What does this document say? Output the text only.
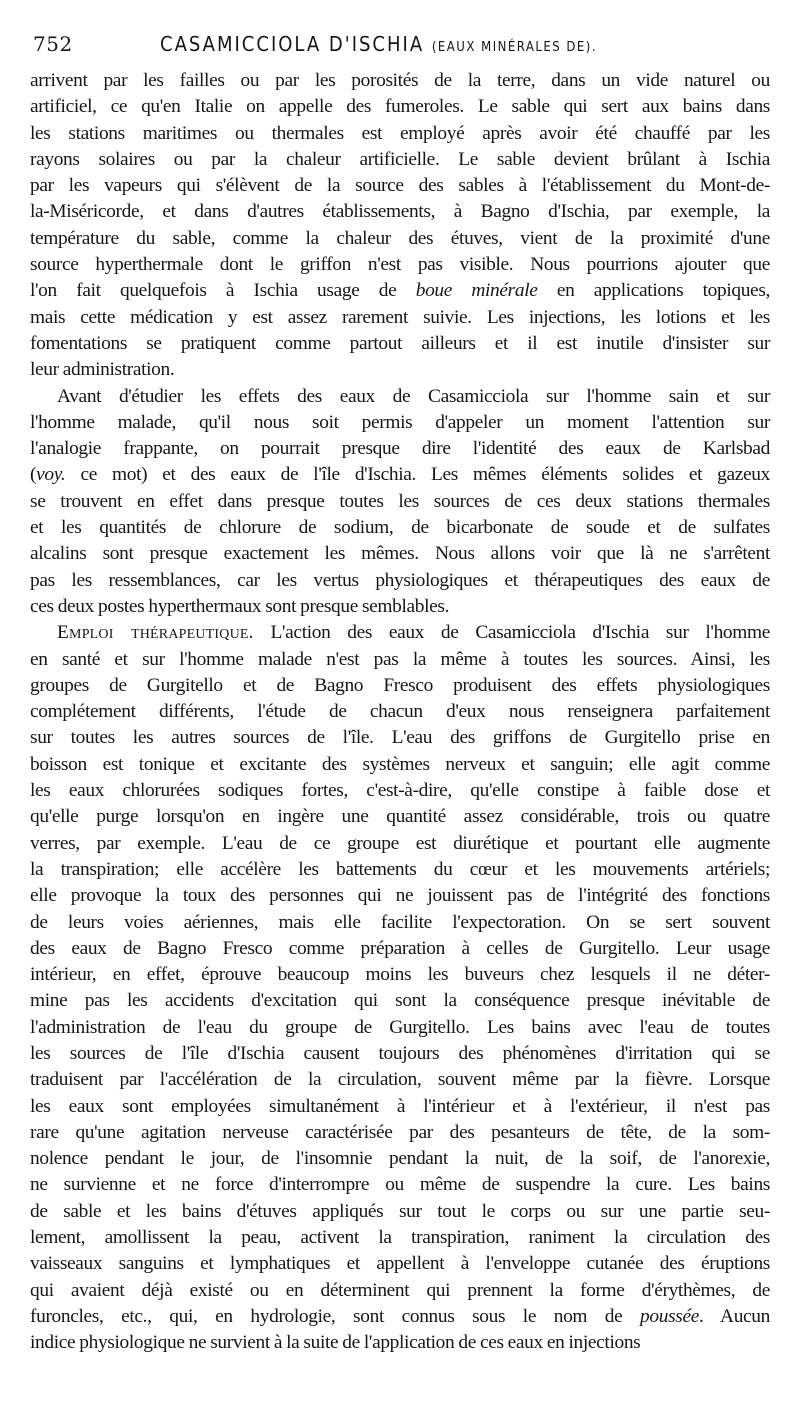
752	CASAMICCIOLA D'ISCHIA (EAUX MINÉRALES DE).
arrivent par les failles ou par les porosités de la terre, dans un vide naturel ou
artificiel, ce qu'en Italie on appelle des fumeroles. Le sable qui sert aux bains dans
les stations maritimes ou thermales est employé après avoir été chauffé par les
rayons solaires ou par la chaleur artificielle. Le sable devient brûlant à Ischia
par les vapeurs qui s'élèvent de la source des sables à l'établissement du Mont-de-
la-Miséricorde, et dans d'autres établissements, à Bagno d'Ischia, par exemple, la
température du sable, comme la chaleur des étuves, vient de la proximité d'une
source hyperthermale dont le griffon n'est pas visible. Nous pourrions ajouter que
l'on fait quelquefois à Ischia usage de boue minérale en applications topiques,
mais cette médication y est assez rarement suivie. Les injections, les lotions et les
fomentations se pratiquent comme partout ailleurs et il est inutile d'insister sur
leur administration.
Avant d'étudier les effets des eaux de Casamicciola sur l'homme sain et sur
l'homme malade, qu'il nous soit permis d'appeler un moment l'attention sur
l'analogie frappante, on pourrait presque dire l'identité des eaux de Karlsbad
(voy. ce mot) et des eaux de l'île d'Ischia. Les mêmes éléments solides et gazeux
se trouvent en effet dans presque toutes les sources de ces deux stations thermales
et les quantités de chlorure de sodium, de bicarbonate de soude et de sulfates
alcalins sont presque exactement les mêmes. Nous allons voir que là ne s'arrêtent
pas les ressemblances, car les vertus physiologiques et thérapeutiques des eaux de
ces deux postes hyperthermaux sont presque semblables.
Emploi thérapeutique. L'action des eaux de Casamicciola d'Ischia sur l'homme
en santé et sur l'homme malade n'est pas la même à toutes les sources. Ainsi, les
groupes de Gurgitello et de Bagno Fresco produisent des effets physiologiques
complétement différents, l'étude de chacun d'eux nous renseignera parfaitement
sur toutes les autres sources de l'île. L'eau des griffons de Gurgitello prise en
boisson est tonique et excitante des systèmes nerveux et sanguin; elle agit comme
les eaux chlorurées sodiques fortes, c'est-à-dire, qu'elle constipe à faible dose et
qu'elle purge lorsqu'on en ingère une quantité assez considérable, trois ou quatre
verres, par exemple. L'eau de ce groupe est diurétique et pourtant elle augmente
la transpiration; elle accélère les battements du cœur et les mouvements artériels;
elle provoque la toux des personnes qui ne jouissent pas de l'intégrité des fonctions
de leurs voies aériennes, mais elle facilite l'expectoration. On se sert souvent
des eaux de Bagno Fresco comme préparation à celles de Gurgitello. Leur usage
intérieur, en effet, éprouve beaucoup moins les buveurs chez lesquels il ne déter-
mine pas les accidents d'excitation qui sont la conséquence presque inévitable de
l'administration de l'eau du groupe de Gurgitello. Les bains avec l'eau de toutes
les sources de l'île d'Ischia causent toujours des phénomènes d'irritation qui se
traduisent par l'accélération de la circulation, souvent même par la fièvre. Lorsque
les eaux sont employées simultanément à l'intérieur et à l'extérieur, il n'est pas
rare qu'une agitation nerveuse caractérisée par des pesanteurs de tête, de la som-
nolence pendant le jour, de l'insomnie pendant la nuit, de la soif, de l'anorexie,
ne survienne et ne force d'interrompre ou même de suspendre la cure. Les bains
de sable et les bains d'étuves appliqués sur tout le corps ou sur une partie seu-
lement, amollissent la peau, activent la transpiration, raniment la circulation des
vaisseaux sanguins et lymphatiques et appellent à l'enveloppe cutanée des éruptions
qui avaient déjà existé ou en déterminent qui prennent la forme d'érythèmes, de
furoncles, etc., qui, en hydrologie, sont connus sous le nom de poussée. Aucun
indice physiologique ne survient à la suite de l'application de ces eaux en injections
